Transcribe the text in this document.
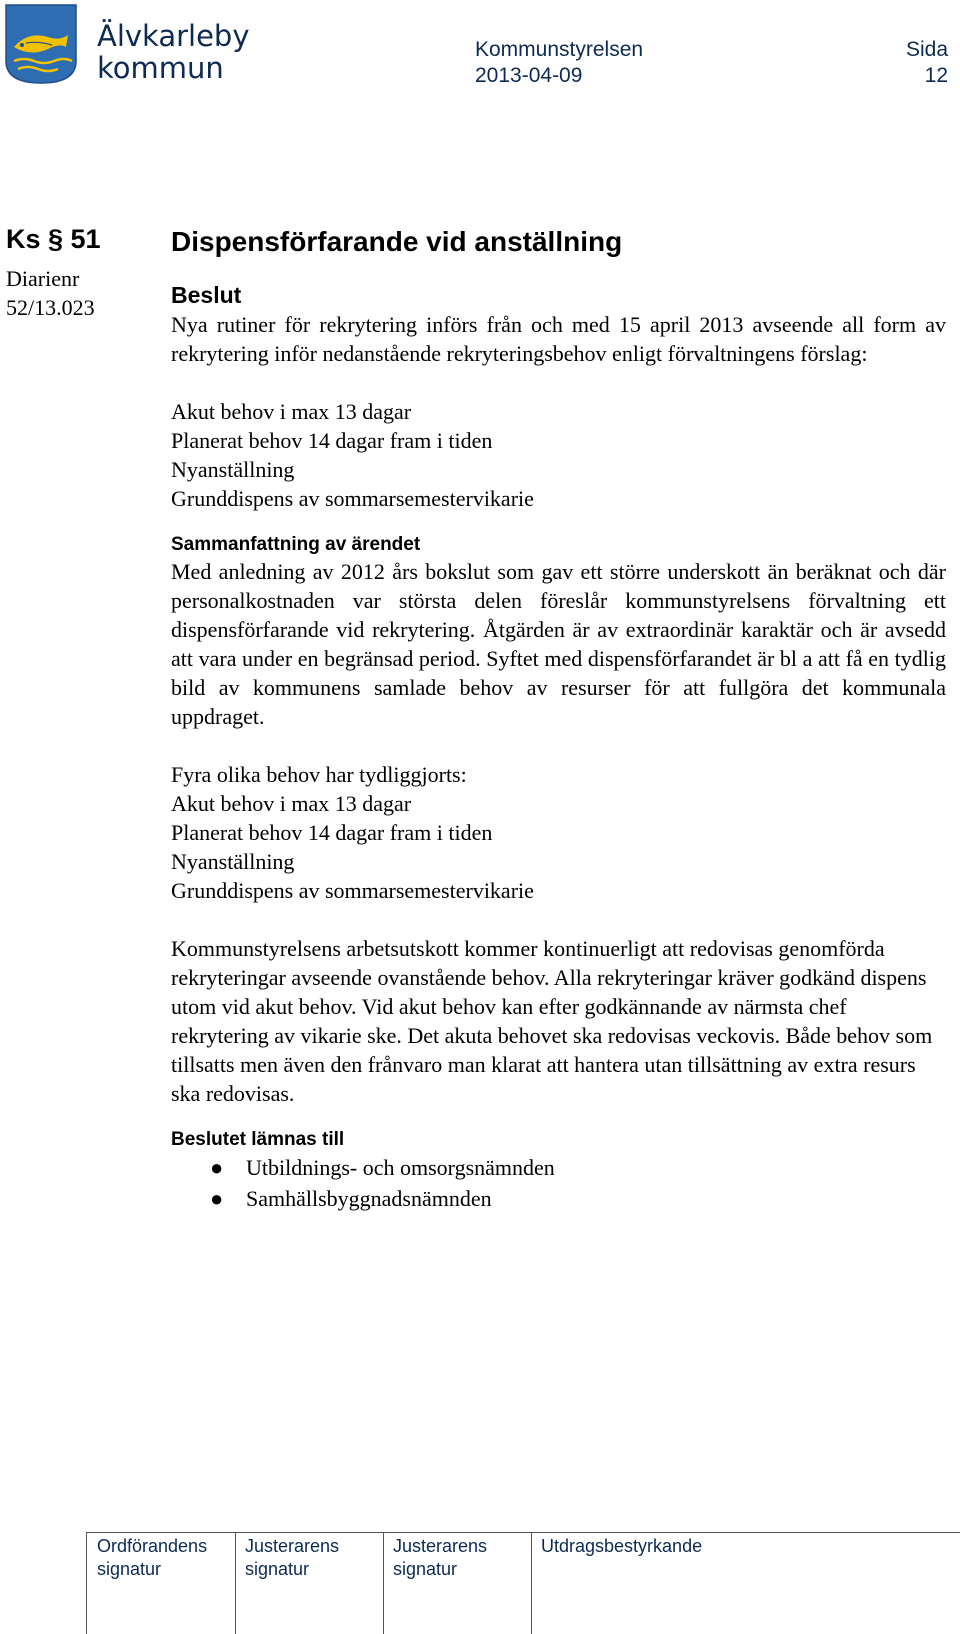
Älvkarleby
kommun
Kommunstyrelsen
2013-04-09
Sida
12
Ks § 51
Diarienr
52/13.023
Dispensförfarande vid anställning
Beslut

Nya rutiner för rekrytering införs från och med 15 april 2013 avseende all form av rekrytering inför nedanstående rekryteringsbehov enligt förvaltningens förslag:

Akut behov i max 13 dagar
Planerat behov 14 dagar fram i tiden
Nyanställning
Grunddispens av sommarsemestervikarie
Sammanfattning av ärendet

Med anledning av 2012 års bokslut som gav ett större underskott än beräknat och där personalkostnaden var största delen föreslår kommunstyrelsens förvaltning ett dispensförfarande vid rekrytering. Åtgärden är av extraordinär karaktär och är avsedd att vara under en begränsad period. Syftet med dispensförfarandet är bl a att få en tydlig bild av kommunens samlade behov av resurser för att fullgöra det kommunala uppdraget.

Fyra olika behov har tydliggjorts:

Akut behov i max 13 dagar
Planerat behov 14 dagar fram i tiden
Nyanställning
Grunddispens av sommarsemestervikarie

Kommunstyrelsens arbetsutskott kommer kontinuerligt att redovisas genomförda rekryteringar avseende ovanstående behov. Alla rekryteringar kräver godkänd dispens utom vid akut behov. Vid akut behov kan efter godkännande av närmsta chef rekrytering av vikarie ske. Det akuta behovet ska redovisas veckovis. Både behov som tillsatts men även den frånvaro man klarat att hantera utan tillsättning av extra resurs ska redovisas.

Beslutet lämnas till
● Utbildnings- och omsorgsnämnden
● Samhällsbyggnadsnämnden
Ordförandens
signatur
Justerarens
signatur
Justerarens
signatur
Utdragsbestyrkande
